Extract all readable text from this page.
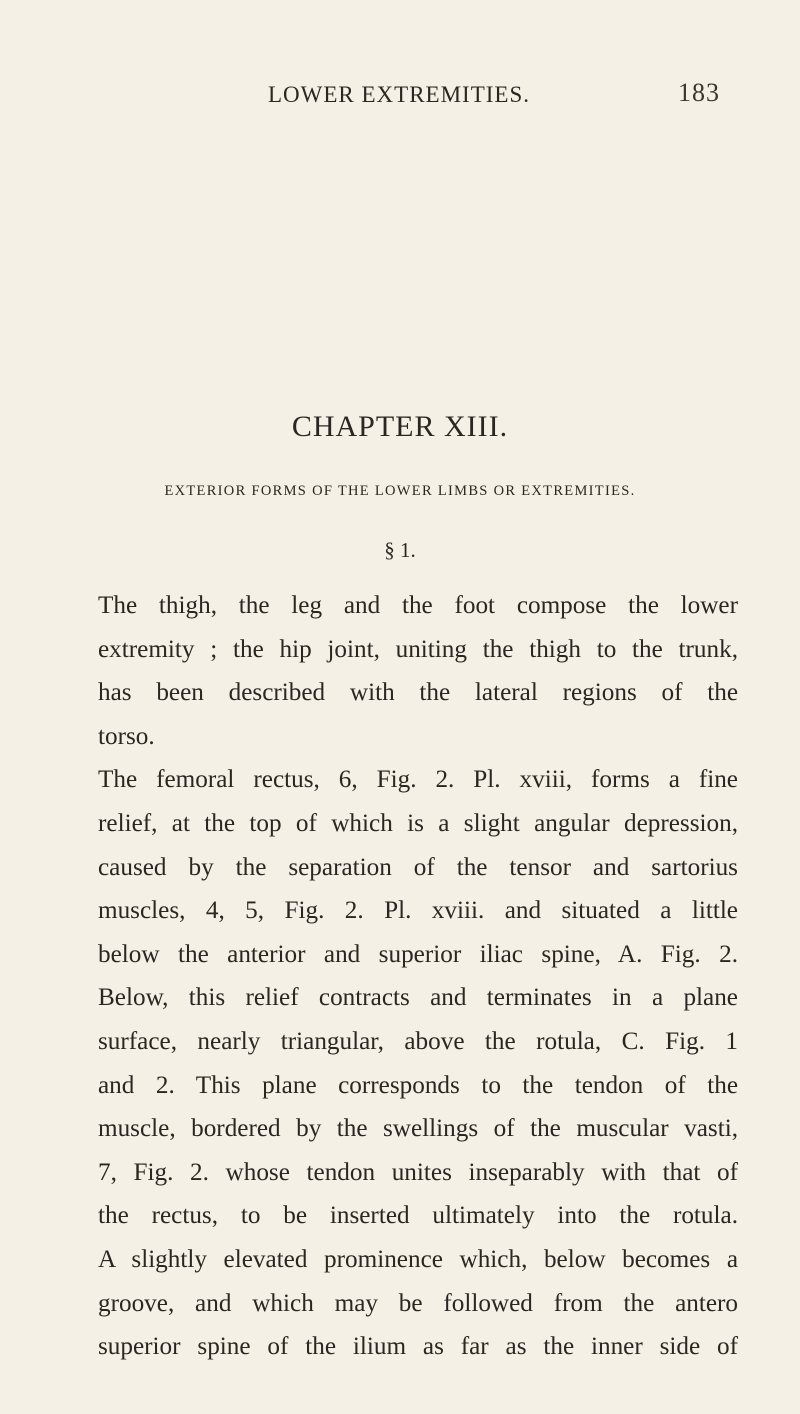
LOWER EXTREMITIES.	183
CHAPTER XIII.
EXTERIOR FORMS OF THE LOWER LIMBS OR EXTREMITIES.
§ 1.
The thigh, the leg and the foot compose the lower
extremity ; the hip joint, uniting the thigh to the trunk,
has been described with the lateral regions of the
torso.
The femoral rectus, 6, Fig. 2. Pl. xviii, forms a fine
relief, at the top of which is a slight angular depression,
caused by the separation of the tensor and sartorius
muscles, 4, 5, Fig. 2. Pl. xviii. and situated a little
below the anterior and superior iliac spine, A. Fig. 2.
Below, this relief contracts and terminates in a plane
surface, nearly triangular, above the rotula, C. Fig. 1
and 2. This plane corresponds to the tendon of the
muscle, bordered by the swellings of the muscular vasti,
7, Fig. 2. whose tendon unites inseparably with that of
the rectus, to be inserted ultimately into the rotula.
A slightly elevated prominence which, below becomes a
groove, and which may be followed from the antero
superior spine of the ilium as far as the inner side of
